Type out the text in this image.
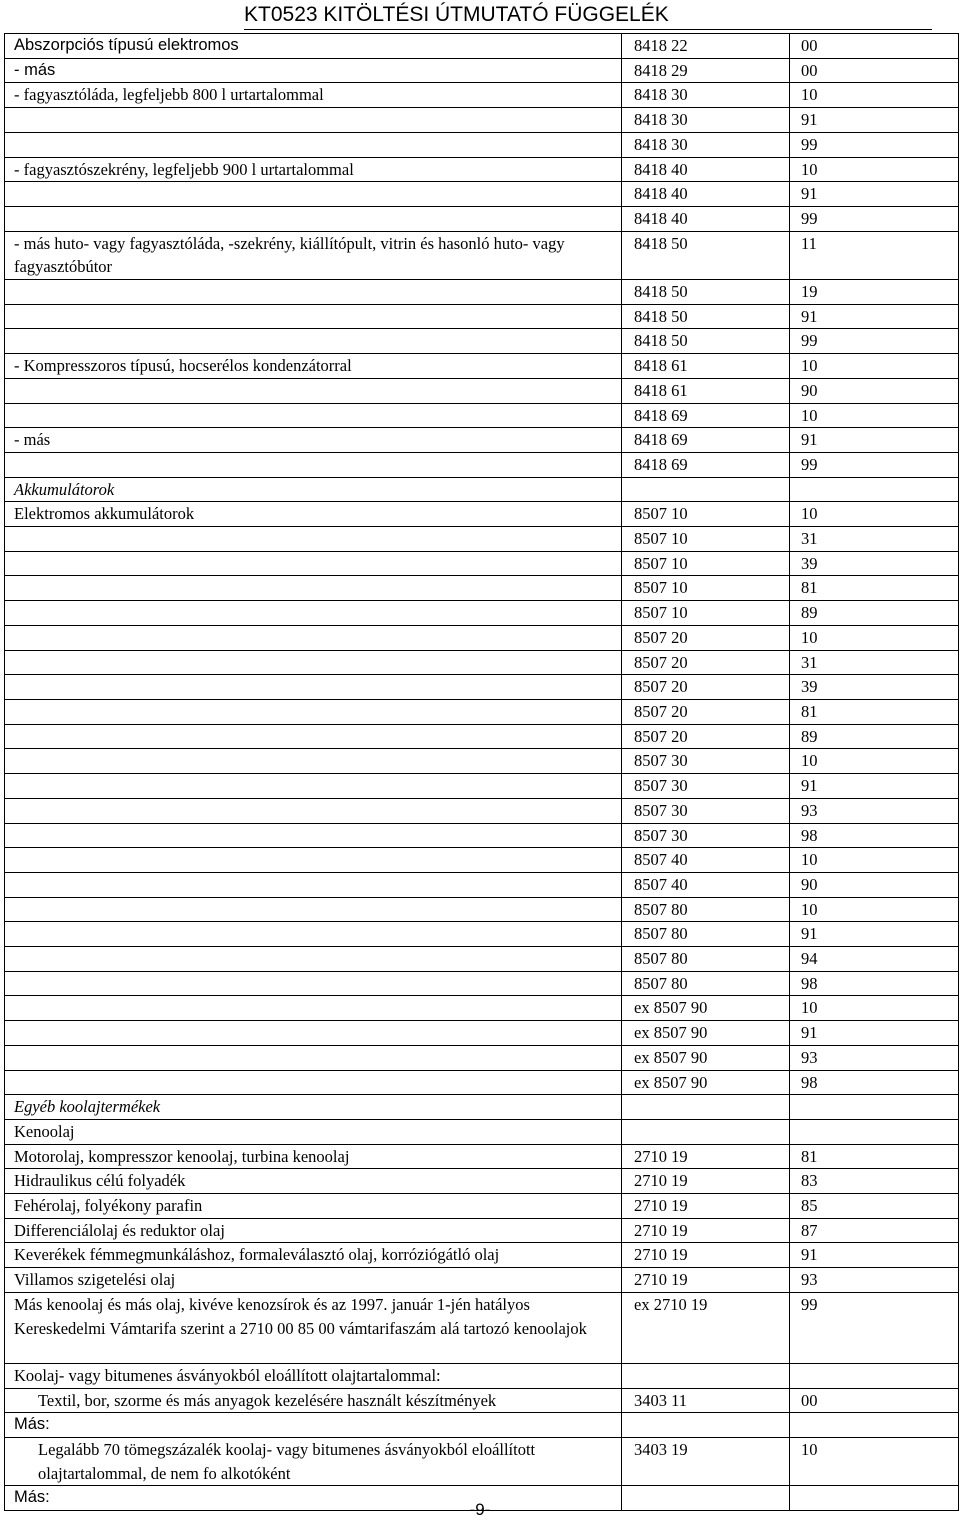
KT0523 KITÖLTÉSI ÚTMUTATÓ FÜGGELÉK
Abszorpciós típusú elektromos	8418 22	00
- más	8418 29	00
- fagyasztóláda, legfeljebb 800 l urtartalommal	8418 30	10
	8418 30	91
	8418 30	99
- fagyasztószekrény, legfeljebb 900 l urtartalommal	8418 40	10
	8418 40	91
	8418 40	99
- más huto- vagy fagyasztóláda, -szekrény, kiállítópult, vitrin és hasonló huto- vagy fagyasztóbútor	8418 50	11
	8418 50	19
	8418 50	91
	8418 50	99
- Kompresszoros típusú, hocserélos kondenzátorral	8418 61	10
	8418 61	90
	8418 69	10
- más	8418 69	91
	8418 69	99
Akkumulátorok		
Elektromos akkumulátorok	8507 10	10
	8507 10	31
	8507 10	39
	8507 10	81
	8507 10	89
	8507 20	10
	8507 20	31
	8507 20	39
	8507 20	81
	8507 20	89
	8507 30	10
	8507 30	91
	8507 30	93
	8507 30	98
	8507 40	10
	8507 40	90
	8507 80	10
	8507 80	91
	8507 80	94
	8507 80	98
	ex 8507 90	10
	ex 8507 90	91
	ex 8507 90	93
	ex 8507 90	98
Egyéb koolajtermékek		
Kenoolaj		
Motorolaj, kompresszor kenoolaj, turbina kenoolaj	2710 19	81
Hidraulikus célú folyadék	2710 19	83
Fehérolaj, folyékony parafin	2710 19	85
Differenciálolaj és reduktor olaj	2710 19	87
Keverékek fémmegmunkáláshoz, formaleválasztó olaj, korróziógátló olaj	2710 19	91
Villamos szigetelési olaj	2710 19	93
Más kenoolaj és más olaj, kivéve kenozsírok és az 1997. január 1-jén hatályos Kereskedelmi Vámtarifa szerint a 2710 00 85 00 vámtarifaszám alá tartozó kenoolajok	ex 2710 19	99
Koolaj- vagy bitumenes ásványokból eloállított olajtartalommal:		
Textil, bor, szorme és más anyagok kezelésére használt készítmények	3403 11	00
Más:		
Legalább 70 tömegszázalék koolaj- vagy bitumenes ásványokból eloállított olajtartalommal, de nem fo alkotóként	3403 19	10
Más:		
-9-
